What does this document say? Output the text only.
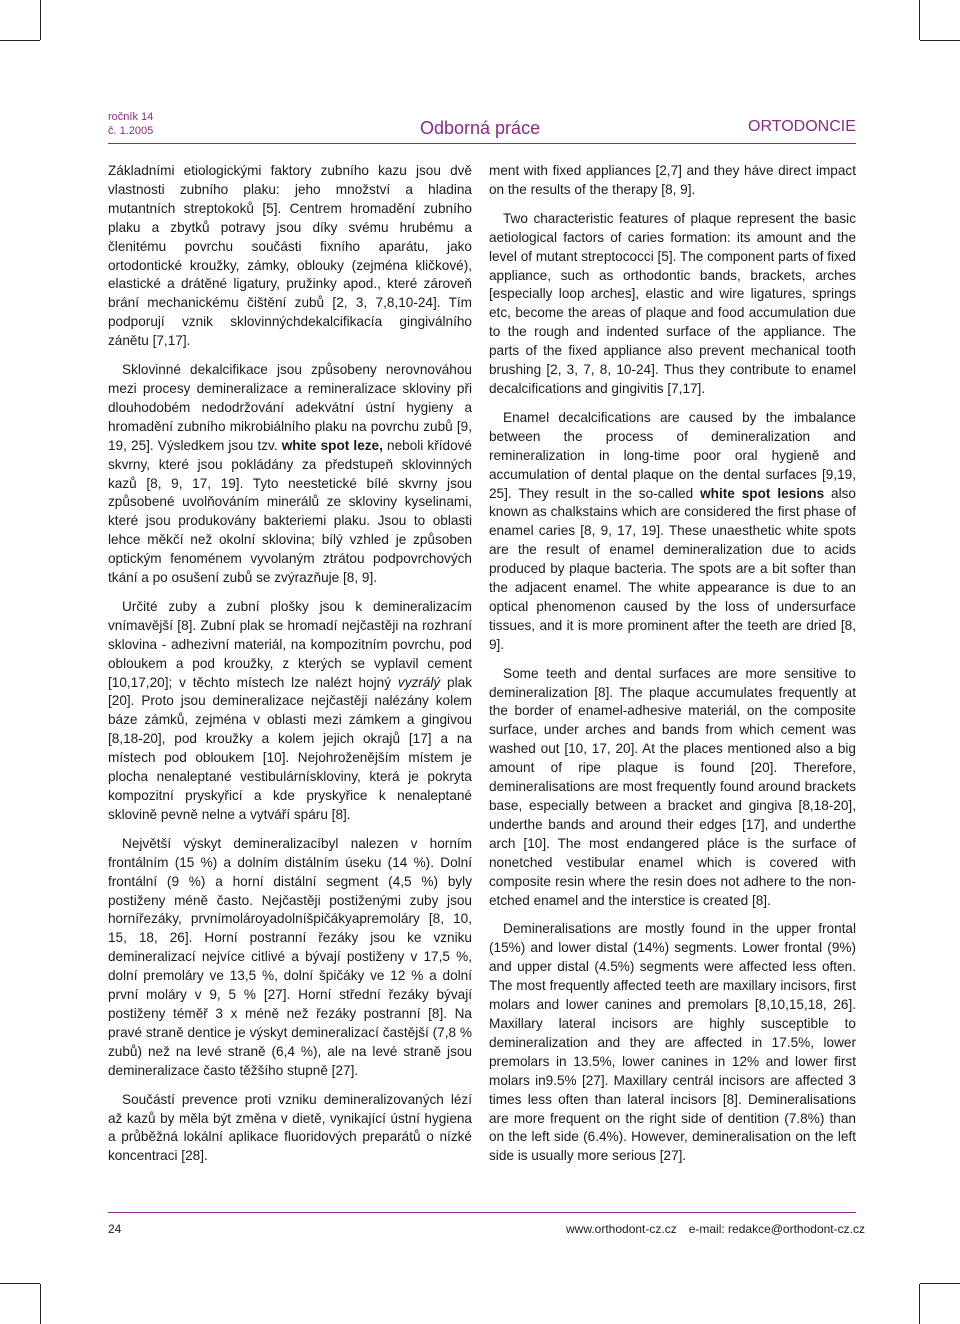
ročník 14
č. 1.2005	Odborná práce	ORTODONCIE

Základními etiologickými faktory zubního kazu jsou dvě vlastnosti zubního plaku: jeho množství a hladina mutantních streptokoků [5]. Centrem hromadění zubního plaku a zbytků potravy jsou díky svému hrubému a členitému povrchu součásti fixního aparátu, jako ortodontické kroužky, zámky, oblouky (zejména kličkové), elastické a drátěné ligatury, pružinky apod., které zároveň brání mechanickému čištění zubů [2, 3, 7,8,10-24]. Tím podporují vznik sklovinnýchdekalcifikacía gingiválního zánětu [7,17].

Sklovinné dekalcifikace jsou způsobeny nerovnováhou mezi procesy demineralizace a remineralizace skloviny při dlouhodobém nedodržování adekvátní ústní hygieny a hromadění zubního mikrobiálního plaku na povrchu zubů [9, 19, 25]. Výsledkem jsou tzv. white spot leze, neboli křídové skvrny, které jsou pokládány za předstupeň sklovinných kazů [8, 9, 17, 19]. Tyto neestetické bílé skvrny jsou způsobené uvolňováním minerálů ze skloviny kyselinami, které jsou produkovány bakteriemi plaku. Jsou to oblasti lehce měkčí než okolní sklovina; bílý vzhled je způsoben optickým fenoménem vyvolaným ztrátou podpovrchových tkání a po osušení zubů se zvýrazňuje [8, 9].

Určité zuby a zubní plošky jsou k demineralizacím vnímavější [8]. Zubní plak se hromadí nejčastěji na rozhraní sklovina - adhezivní materiál, na kompozitním povrchu, pod obloukem a pod kroužky, z kterých se vyplavil cement [10,17,20]; v těchto místech lze nalézt hojný vyzrálý plak [20]. Proto jsou demineralizace nejčastěji nalézány kolem báze zámků, zejména v oblasti mezi zámkem a gingivou [8,18-20], pod kroužky a kolem jejich okrajů [17] a na místech pod obloukem [10]. Nejohroženějším místem je plocha nenaleptané vestibulárnískloviny, která je pokryta kompozitní pryskyřicí a kde pryskyřice k nenaleptané sklovině pevně nelne a vytváří spáru [8].

Největší výskyt demineralizacíbyl nalezen v horním frontálním (15 %) a dolním distálním úseku (14 %). Dolní frontální (9 %) a horní distální segment (4,5 %) byly postiženy méně často. Nejčastěji postiženými zuby jsou hornířezáky, prvnímolároyadolníšpičákyapremoláry [8, 10, 15, 18, 26]. Horní postranní řezáky jsou ke vzniku demineralizací nejvíce citlivé a bývají postiženy v 17,5 %, dolní premoláry ve 13,5 %, dolní špičáky ve 12 % a dolní první moláry v 9, 5 % [27]. Horní střední řezáky bývají postiženy téměř 3 x méně než řezáky postranní [8]. Na pravé straně dentice je výskyt demineralizací častější (7,8 % zubů) než na levé straně (6,4 %), ale na levé straně jsou demineralizace často těžšího stupně [27].

Součástí prevence proti vzniku demineralizovaných lézí až kazů by měla být změna v dietě, vynikající ústní hygiena a průběžná lokální aplikace fluoridových preparátů o nízké koncentraci [28].

ment with fixed appliances [2,7] and they háve direct impact on the results of the therapy [8, 9].

Two characteristic features of plaque represent the basic aetiological factors of caries formation: its amount and the level of mutant streptococci [5]. The component parts of fixed appliance, such as orthodontic bands, brackets, arches [especially loop arches], elastic and wire ligatures, springs etc, become the areas of plaque and food accumulation due to the rough and indented surface of the appliance. The parts of the fixed appliance also prevent mechanical tooth brushing [2, 3, 7, 8, 10-24]. Thus they contribute to enamel decalcifications and gingivitis [7,17].

Enamel decalcifications are caused by the imbalance between the process of demineralization and remineralization in long-time poor oral hygieně and accumulation of dental plaque on the dental surfaces [9,19, 25]. They result in the so-called white spot lesions also known as chalkstains which are considered the first phase of enamel caries [8, 9, 17, 19]. These unaesthetic white spots are the result of enamel demineralization due to acids produced by plaque bacteria. The spots are a bit softer than the adjacent enamel. The white appearance is due to an optical phenomenon caused by the loss of undersurface tissues, and it is more prominent after the teeth are dried [8, 9].

Some teeth and dental surfaces are more sensitive to demineralization [8]. The plaque accumulates frequently at the border of enamel-adhesive materiál, on the composite surface, under arches and bands from which cement was washed out [10, 17, 20]. At the places mentioned also a big amount of ripe plaque is found [20]. Therefore, demineralisations are most frequently found around brackets base, especially between a bracket and gingiva [8,18-20], underthe bands and around their edges [17], and underthe arch [10]. The most endangered pláce is the surface of nonetched vestibular enamel which is covered with composite resin where the resin does not adhere to the non-etched enamel and the interstice is created [8].

Demineralisations are mostly found in the upper frontal (15%) and lower distal (14%) segments. Lower frontal (9%) and upper distal (4.5%) segments were affected less often. The most frequently affected teeth are maxillary incisors, first molars and lower canines and premolars [8,10,15,18, 26]. Maxillary lateral incisors are highly susceptible to demineralization and they are affected in 17.5%, lower premolars in 13.5%, lower canines in 12% and lower first molars in9.5% [27]. Maxillary centrál incisors are affected 3 times less often than lateral incisors [8]. Demineralisations are more frequent on the right side of dentition (7.8%) than on the left side (6.4%). However, demineralisation on the left side is usually more serious [27].

24	www.orthodont-cz.cz e-mail: redakce@orthodont-cz.cz
